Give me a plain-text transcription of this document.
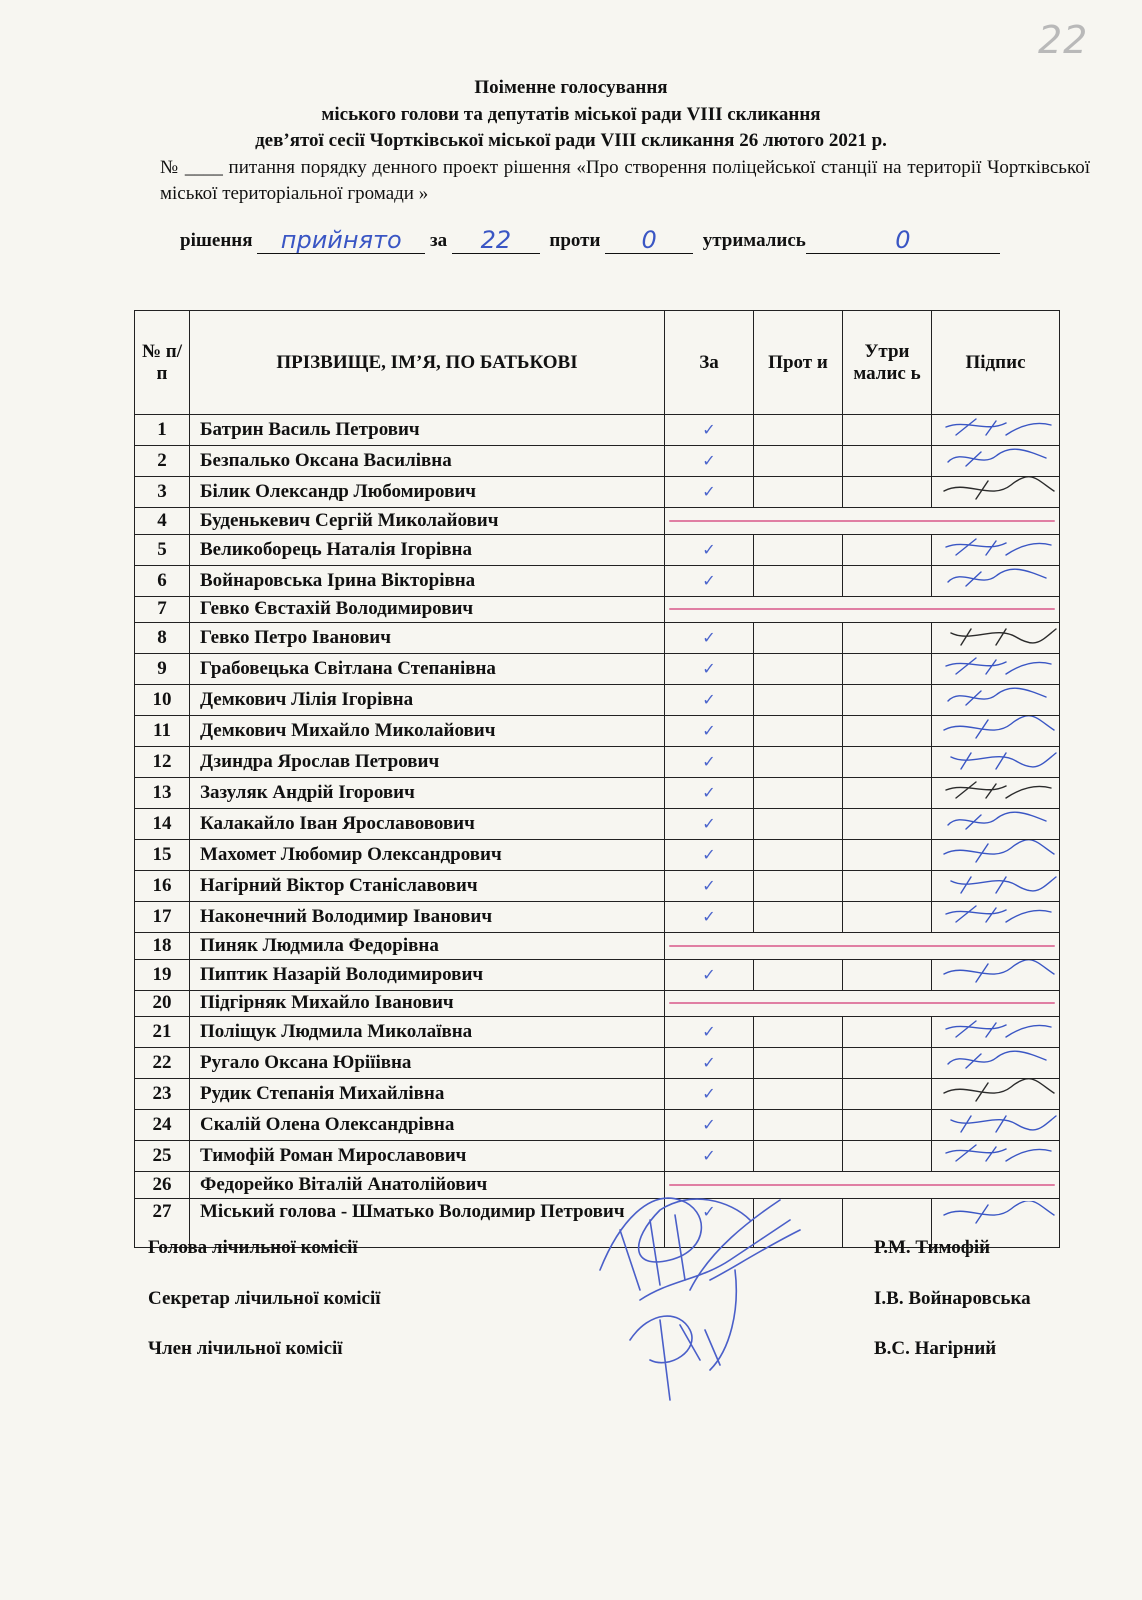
22
Поіменне голосування
міського голови та депутатів міської ради VIII скликання
дев’ятої сесії Чортківської міської ради VIII скликання 26 лютого 2021 р.
№ ____ питання порядку денного проект рішення «Про створення поліцейської станції на території Чортківської міської територіальної громади »
рішення прийнято за 22 проти 0 утримались	0
№ п/п	ПРІЗВИЩЕ, ІМ’Я, ПО БАТЬКОВІ	За	Прот и	Утри малис ь	Підпис
1	Батрин Василь Петрович	✓			
2	Безпалько Оксана Василівна	✓			
3	Білик Олександр Любомирович	✓			
4	Буденькевич Сергій Миколайович				

5	Великоборець Наталія Ігорівна	✓			
6	Войнаровська Ірина Вікторівна	✓			
7	Гевко Євстахій Володимирович				

8	Гевко Петро Іванович	✓			
9	Грабовецька Світлана Степанівна	✓			
10	Демкович Лілія Ігорівна	✓			
11	Демкович Михайло Миколайович	✓			
12	Дзиндра Ярослав Петрович	✓			
13	Зазуляк Андрій Ігорович	✓			
14	Калакайло Іван Ярославовович	✓			
15	Махомет Любомир Олександрович	✓			
16	Нагірний Віктор Станіславович	✓			
17	Наконечний Володимир Іванович	✓			
18	Пиняк Людмила Федорівна				

19	Пиптик Назарій Володимирович	✓			
20	Підгірняк Михайло Іванович				

21	Поліщук Людмила Миколаївна	✓			
22	Ругало Оксана Юріїівна	✓			
23	Рудик Степанія Михайлівна	✓			
24	Скалій Олена Олександрівна	✓			
25	Тимофій Роман Мирославович	✓			
26	Федорейко Віталій Анатолійович				

27	Міський голова - Шматько Володимир Петрович	✓			
Голова лічильної комісії	Р.М. Тимофій
Секретар лічильної комісії	І.В. Войнаровська
Член лічильної комісії	В.С. Нагірний
